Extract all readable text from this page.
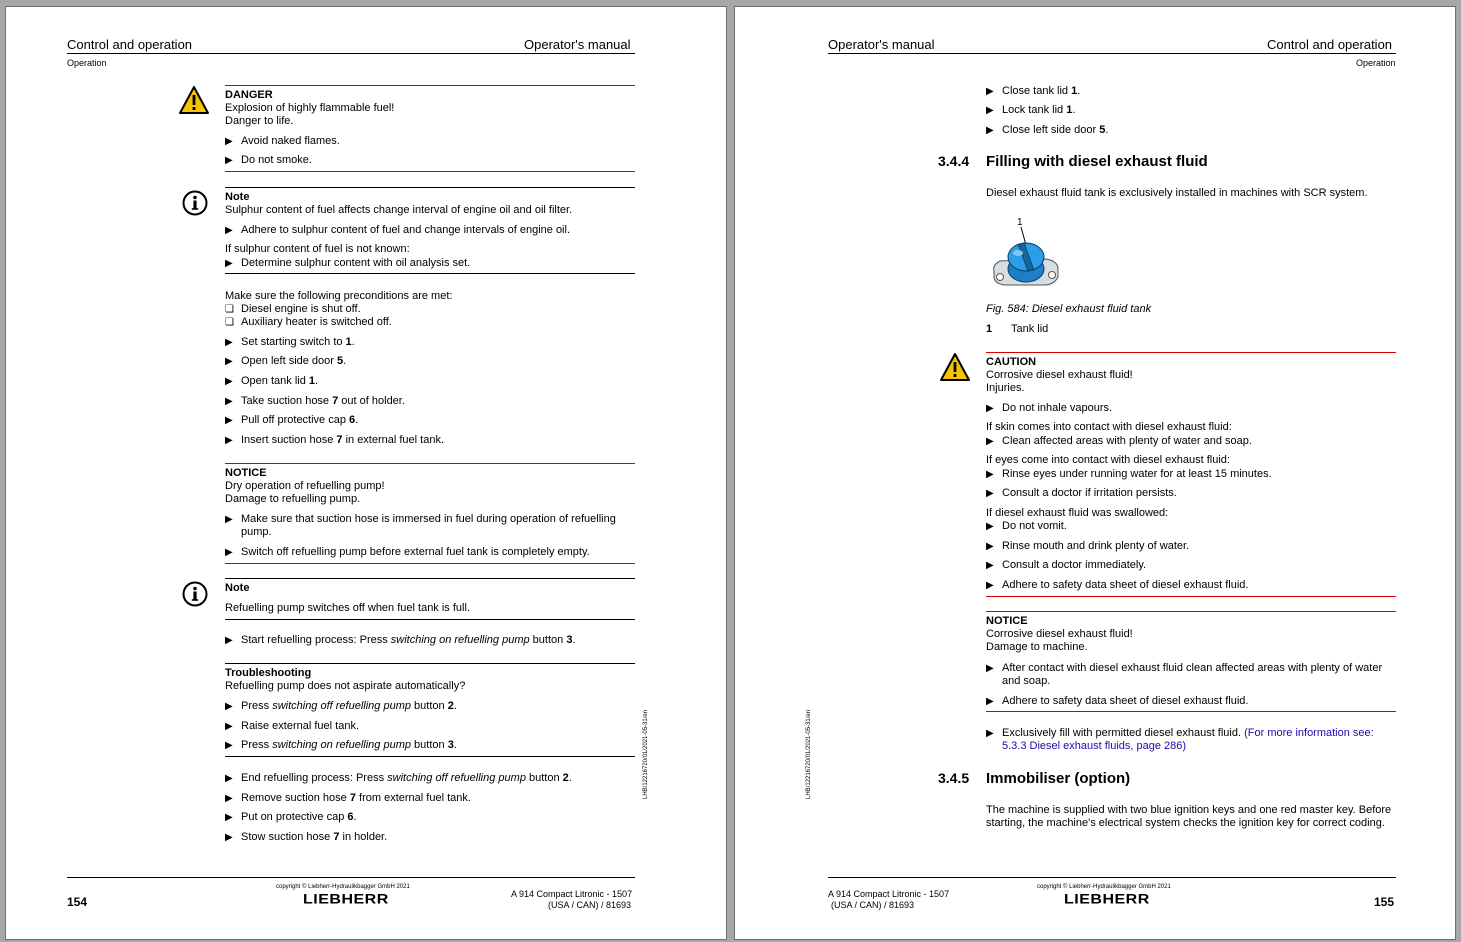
Control and operation	Operator's manual
Operation
DANGER
Explosion of highly flammable fuel!
Danger to life.
▶ Avoid naked flames.
▶ Do not smoke.
Note
Sulphur content of fuel affects change interval of engine oil and oil filter.
▶ Adhere to sulphur content of fuel and change intervals of engine oil.
If sulphur content of fuel is not known:
▶ Determine sulphur content with oil analysis set.
Make sure the following preconditions are met:
❏ Diesel engine is shut off.
❏ Auxiliary heater is switched off.
▶ Set starting switch to 1.
▶ Open left side door 5.
▶ Open tank lid 1.
▶ Take suction hose 7 out of holder.
▶ Pull off protective cap 6.
▶ Insert suction hose 7 in external fuel tank.
NOTICE
Dry operation of refuelling pump!
Damage to refuelling pump.
▶ Make sure that suction hose is immersed in fuel during operation of refuelling
pump.
▶ Switch off refuelling pump before external fuel tank is completely empty.
Note
Refuelling pump switches off when fuel tank is full.
▶ Start refuelling process: Press switching on refuelling pump button 3.
Troubleshooting
Refuelling pump does not aspirate automatically?
▶ Press switching off refuelling pump button 2.
▶ Raise external fuel tank.
▶ Press switching on refuelling pump button 3.
▶ End refuelling process: Press switching off refuelling pump button 2.
▶ Remove suction hose 7 from external fuel tank.
▶ Put on protective cap 6.
▶ Stow suction hose 7 in holder.
LHB/12216720/01/2021-05-31/en
154
copyright © Liebherr-Hydraulikbagger GmbH 2021
LIEBHERR	A 914 Compact Litronic - 1507
(USA / CAN) / 81693
Operator's manual	Control and operation
Operation
▶ Close tank lid 1.
▶ Lock tank lid 1.
▶ Close left side door 5.
3.4.4 Filling with diesel exhaust fluid
Diesel exhaust fluid tank is exclusively installed in machines with SCR system.
1
Fig. 584: Diesel exhaust fluid tank
1 Tank lid
CAUTION
Corrosive diesel exhaust fluid!
Injuries.
▶ Do not inhale vapours.
If skin comes into contact with diesel exhaust fluid:
▶ Clean affected areas with plenty of water and soap.
If eyes come into contact with diesel exhaust fluid:
▶ Rinse eyes under running water for at least 15 minutes.
▶ Consult a doctor if irritation persists.
If diesel exhaust fluid was swallowed:
▶ Do not vomit.
▶ Rinse mouth and drink plenty of water.
▶ Consult a doctor immediately.
▶ Adhere to safety data sheet of diesel exhaust fluid.
NOTICE
Corrosive diesel exhaust fluid!
Damage to machine.
▶ After contact with diesel exhaust fluid clean affected areas with plenty of water
and soap.
▶ Adhere to safety data sheet of diesel exhaust fluid.
▶ Exclusively fill with permitted diesel exhaust fluid. (For more information see:
5.3.3 Diesel exhaust fluids, page 286)
3.4.5 Immobiliser (option)
The machine is supplied with two blue ignition keys and one red master key. Before
starting, the machine's electrical system checks the ignition key for correct coding.
LHB/12216720/01/2021-05-31/en
A 914 Compact Litronic - 1507
(USA / CAN) / 81693
copyright © Liebherr-Hydraulikbagger GmbH 2021
LIEBHERR	155
